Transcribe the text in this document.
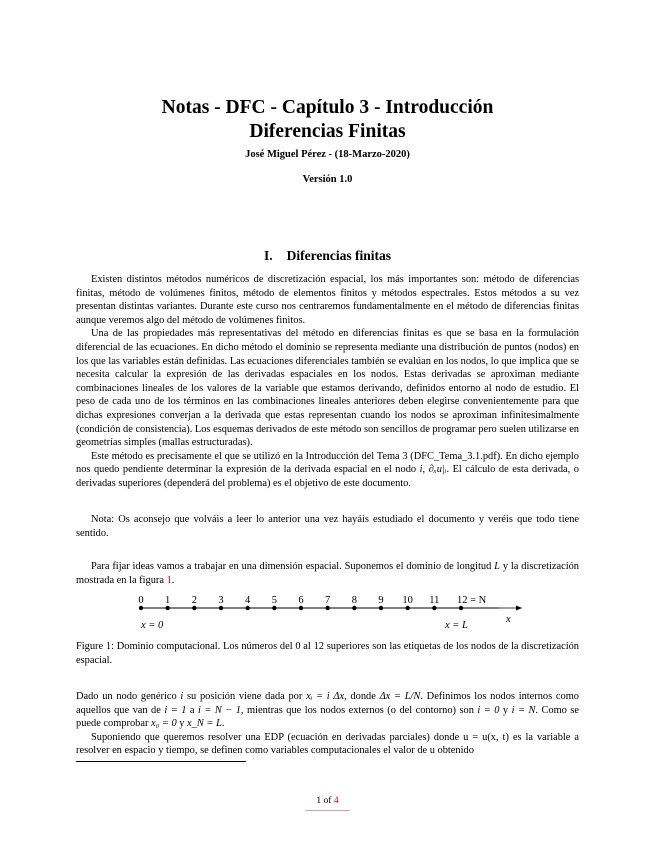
Notas - DFC - Capítulo 3 - Introducción
Diferencias Finitas
José Miguel Pérez - (18-Marzo-2020)
Versión 1.0
I. Diferencias finitas

Existen distintos métodos numéricos de discretización espacial, los más importantes son: método de diferencias finitas, método de volúmenes finitos, método de elementos finitos y métodos espectrales. Estos métodos a su vez presentan distintas variantes. Durante este curso nos centraremos fundamentalmente en el método de diferencias finitas aunque veremos algo del método de volúmenes finitos.

Una de las propiedades más representativas del método en diferencias finitas es que se basa en la formulación diferencial de las ecuaciones. En dicho método el dominio se representa mediante una distribución de puntos (nodos) en los que las variables están definidas. Las ecuaciones diferenciales también se evalúan en los nodos, lo que implica que se necesita calcular la expresión de las derivadas espaciales en los nodos. Estas derivadas se aproximan mediante combinaciones lineales de los valores de la variable que estamos derivando, definidos entorno al nodo de estudio. El peso de cada uno de los términos en las combinaciones lineales anteriores deben elegirse convenientemente para que dichas expresiones converjan a la derivada que estas representan cuando los nodos se aproximan infinitesimalmente (condición de consistencia). Los esquemas derivados de este método son sencillos de programar pero suelen utilizarse en geometrías simples (mallas estructuradas).

Este método es precisamente el que se utilizó en la Introducción del Tema 3 (DFC_Tema_3.1.pdf). En dicho ejemplo nos quedo pendiente determinar la expresión de la derivada espacial en el nodo i, ∂ₓu|ᵢ. El cálculo de esta derivada, o derivadas superiores (dependerá del problema) es el objetivo de este documento.

Nota: Os aconsejo que volváis a leer lo anterior una vez hayáis estudiado el documento y veréis que todo tiene sentido.

Para fijar ideas vamos a trabajar en una dimensión espacial. Suponemos el dominio de longitud L y la discretización mostrada en la figura 1.

0 1 2 3 4 5 6 7 8 9 10 11 12 = N
x = 0	x = L
x
Figure 1: Dominio computacional. Los números del 0 al 12 superiores son las etiquetas de los nodos de la discretización espacial.

Dado un nodo genérico i su posición viene dada por xᵢ = i Δx, donde Δx = L/N. Definimos los nodos internos como aquellos que van de i = 1 a i = N − 1, mientras que los nodos externos (o del contorno) son i = 0 y i = N. Como se puede comprobar x₀ = 0 y x_N = L.

Suponiendo que queremos resolver una EDP (ecuación en derivadas parciales) donde u = u(x, t) es la variable a resolver en espacio y tiempo, se definen como variables computacionales el valor de u obtenido

1 of 4
